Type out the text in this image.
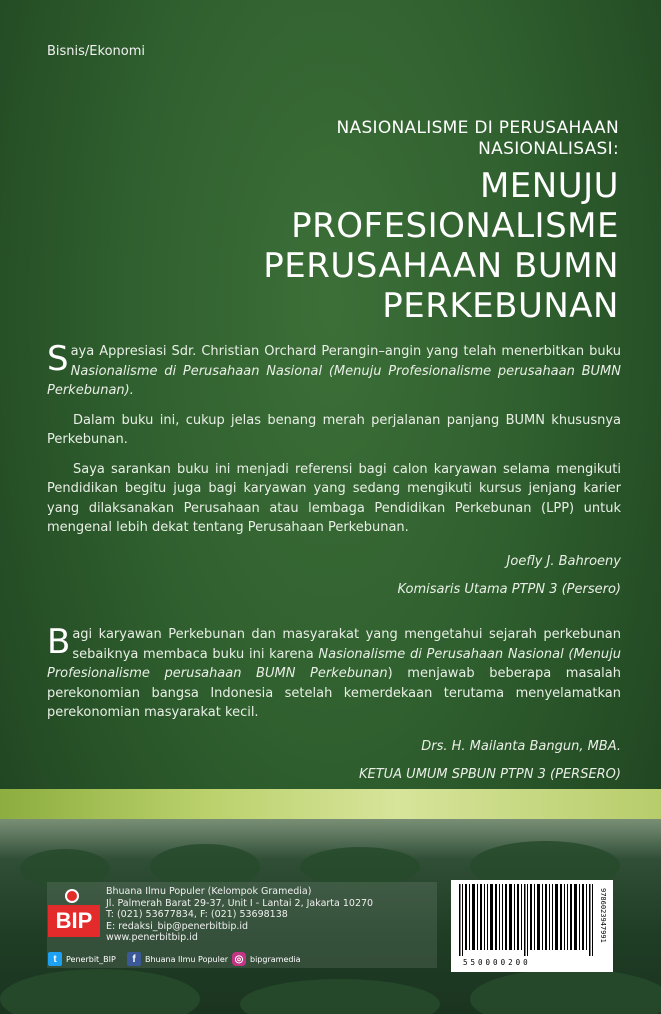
Bisnis/Ekonomi
NASIONALISME DI PERUSAHAAN
NASIONALISASI:
MENUJU
PROFESIONALISME
PERUSAHAAN BUMN
PERKEBUNAN

Saya Appresiasi Sdr. Christian Orchard Perangin–angin yang telah menerbitkan buku Nasionalisme di Perusahaan Nasional (Menuju Profesionalisme perusahaan BUMN Perkebunan).

Dalam buku ini, cukup jelas benang merah perjalanan panjang BUMN khususnya Perkebunan.

Saya sarankan buku ini menjadi referensi bagi calon karyawan selama mengikuti Pendidikan begitu juga bagi karyawan yang sedang mengikuti kursus jenjang karier yang dilaksanakan Perusahaan atau lembaga Pendidikan Perkebunan (LPP) untuk mengenal lebih dekat tentang Perusahaan Perkebunan.

Joefly J. Bahroeny

Komisaris Utama PTPN 3 (Persero)

Bagi karyawan Perkebunan dan masyarakat yang mengetahui sejarah perkebunan sebaiknya membaca buku ini karena Nasionalisme di Perusahaan Nasional (Menuju Profesionalisme perusahaan BUMN Perkebunan) menjawab beberapa masalah perekonomian bangsa Indonesia setelah kemerdekaan terutama menyelamatkan perekonomian masyarakat kecil.

Drs. H. Mailanta Bangun, MBA.

KETUA UMUM SPBUN PTPN 3 (PERSERO)

BIP
Bhuana Ilmu Populer (Kelompok Gramedia)
Jl. Palmerah Barat 29-37, Unit I - Lantai 2, Jakarta 10270
T: (021) 53677834, F: (021) 53698138
E: redaksi_bip@penerbitbip.id
www.penerbitbip.id
t	Penerbit_BIP	f	Bhuana Ilmu Populer ◎ bipgramedia	550000200
9786023947991
